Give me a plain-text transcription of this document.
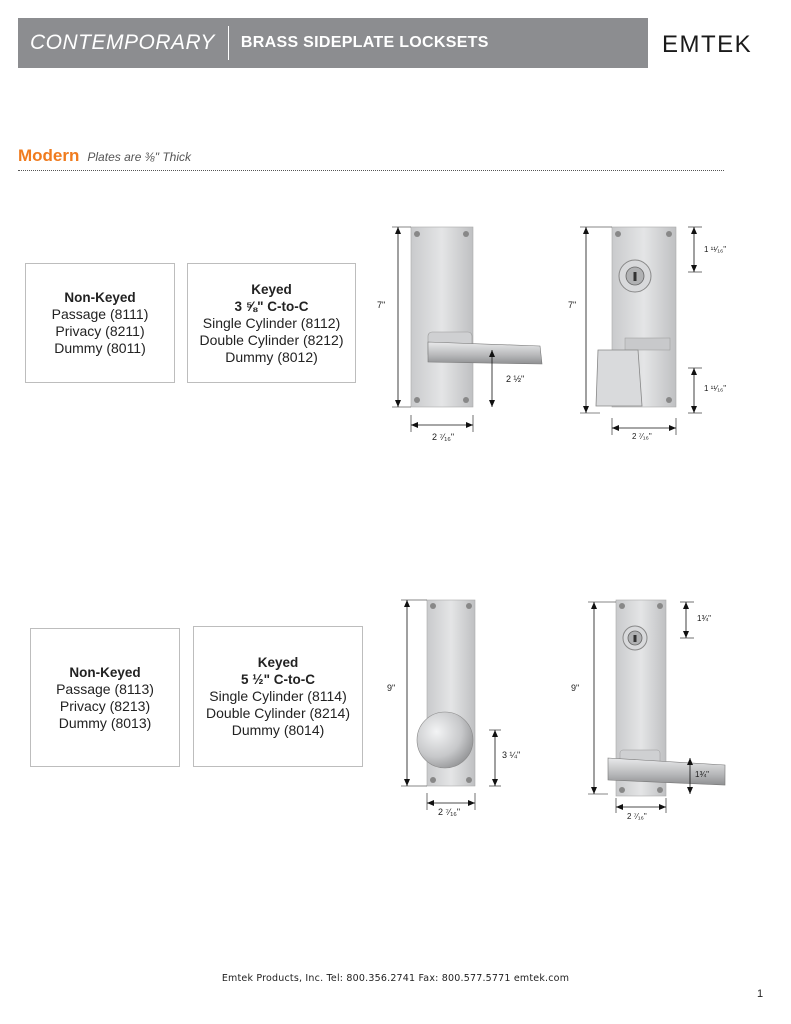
CONTEMPORARY BRASS SIDEPLATE LOCKSETS	EMTEK
Modern Plates are ⅜" Thick
Non-Keyed
Passage (8111)
Privacy (8211)
Dummy (8011)
Keyed
3 ⅝" C-to-C
Single Cylinder (8112)
Double Cylinder (8212)
Dummy (8012)
7"
2 ½"
2 ⁷⁄₁₆"
7"
1 ¹¹⁄₁₆"
1 ¹¹⁄₁₆"
2 ⁷⁄₁₆"
Non-Keyed
Passage (8113)
Privacy (8213)
Dummy (8013)
Keyed
5 ½" C-to-C
Single Cylinder (8114)
Double Cylinder (8214)
Dummy (8014)
9"
3 ¼"
2 ⁷⁄₁₆"
9"
1¾"
1¾"
2 ⁷⁄₁₆"
Emtek Products, Inc. Tel: 800.356.2741 Fax: 800.577.5771 emtek.com
1
